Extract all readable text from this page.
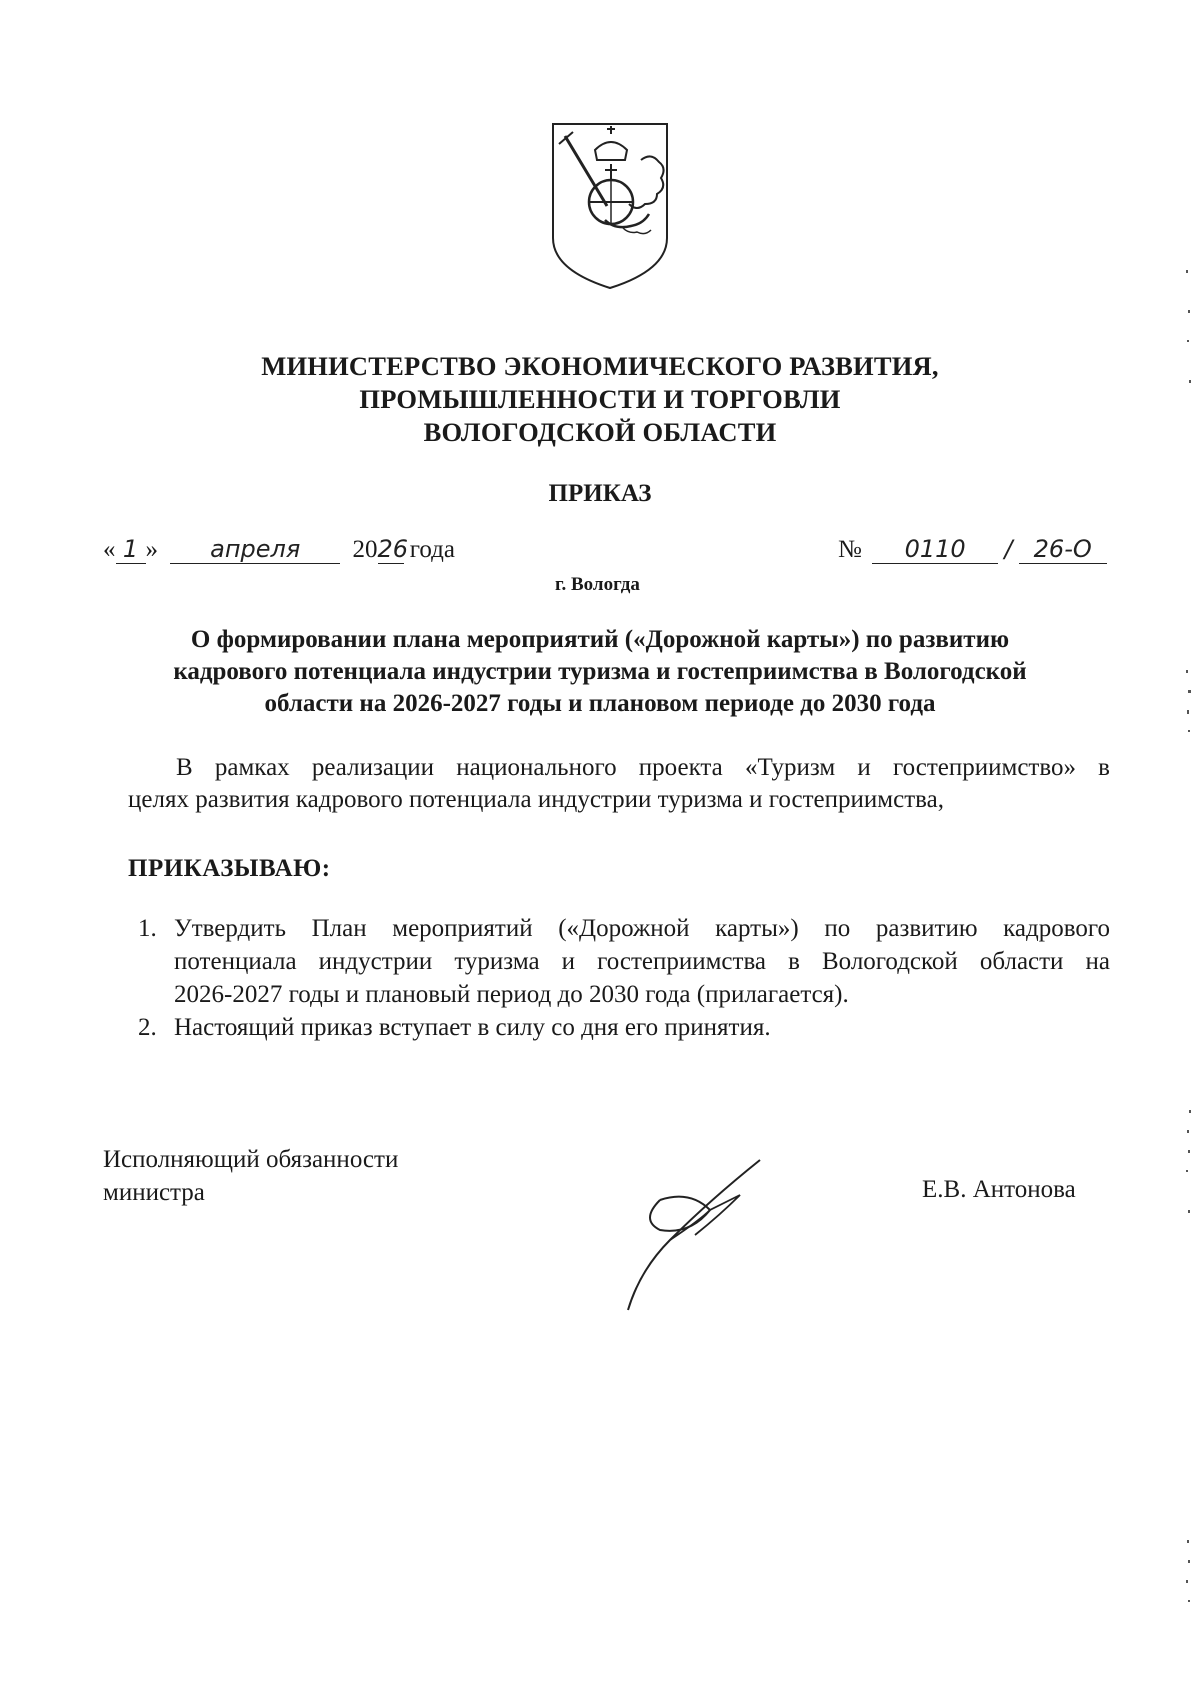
МИНИСТЕРСТВО ЭКОНОМИЧЕСКОГО РАЗВИТИЯ,
ПРОМЫШЛЕННОСТИ И ТОРГОВЛИ
ВОЛОГОДСКОЙ ОБЛАСТИ
ПРИКАЗ
« 1 » апреля 2026 года	№ 0110 / 26-О
г. Вологда
О формировании плана мероприятий («Дорожной карты») по развитию
кадрового потенциала индустрии туризма и гостеприимства в Вологодской
области на 2026-2027 годы и плановом периоде до 2030 года
В рамках реализации национального проекта «Туризм и гостеприимство» в
целях развития кадрового потенциала индустрии туризма и гостеприимства,
ПРИКАЗЫВАЮ:
1. Утвердить План мероприятий («Дорожной карты») по развитию кадрового
потенциала индустрии туризма и гостеприимства в Вологодской области на
2026-2027 годы и плановый период до 2030 года (прилагается).
2. Настоящий приказ вступает в силу со дня его принятия.
Исполняющий обязанности
министра	Е.В. Антонова
